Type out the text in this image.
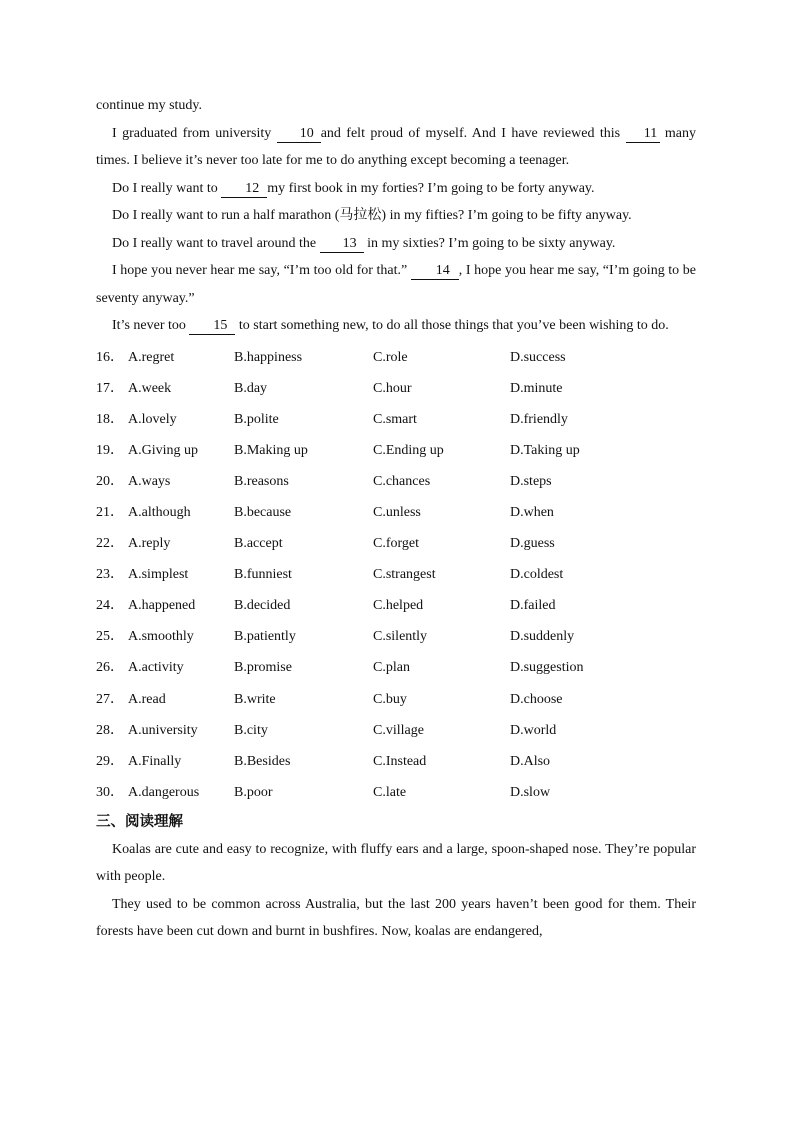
continue my study.

I graduated from university 10 and felt proud of myself. And I have reviewed this 11 many times. I believe it’s never too late for me to do anything except becoming a teenager.

Do I really want to 12 my first book in my forties? I’m going to be forty anyway.

Do I really want to run a half marathon (马拉松) in my fifties? I’m going to be fifty anyway.

Do I really want to travel around the 13 in my sixties? I’m going to be sixty anyway.

I hope you never hear me say, “I’m too old for that.” 14 , I hope you hear me say, “I’m going to be seventy anyway.”

It’s never too 15 to start something new, to do all those things that you’ve been wishing to do.

16． A.regret	B.happiness	C.role	D.success
17． A.week	B.day	C.hour	D.minute
18． A.lovely	B.polite	C.smart	D.friendly
19． A.Giving up	B.Making up	C.Ending up	D.Taking up
20． A.ways	B.reasons	C.chances	D.steps
21． A.although	B.because	C.unless	D.when
22． A.reply	B.accept	C.forget	D.guess
23． A.simplest	B.funniest	C.strangest	D.coldest
24． A.happened	B.decided	C.helped	D.failed
25． A.smoothly	B.patiently	C.silently	D.suddenly
26． A.activity	B.promise	C.plan	D.suggestion
27． A.read	B.write	C.buy	D.choose
28． A.university	B.city	C.village	D.world
29． A.Finally	B.Besides	C.Instead	D.Also
30． A.dangerous B.poor	C.late	D.slow
三、阅读理解

Koalas are cute and easy to recognize, with fluffy ears and a large, spoon-shaped nose. They’re popular with people.

They used to be common across Australia, but the last 200 years haven’t been good for them. Their forests have been cut down and burnt in bushfires. Now, koalas are endangered,
